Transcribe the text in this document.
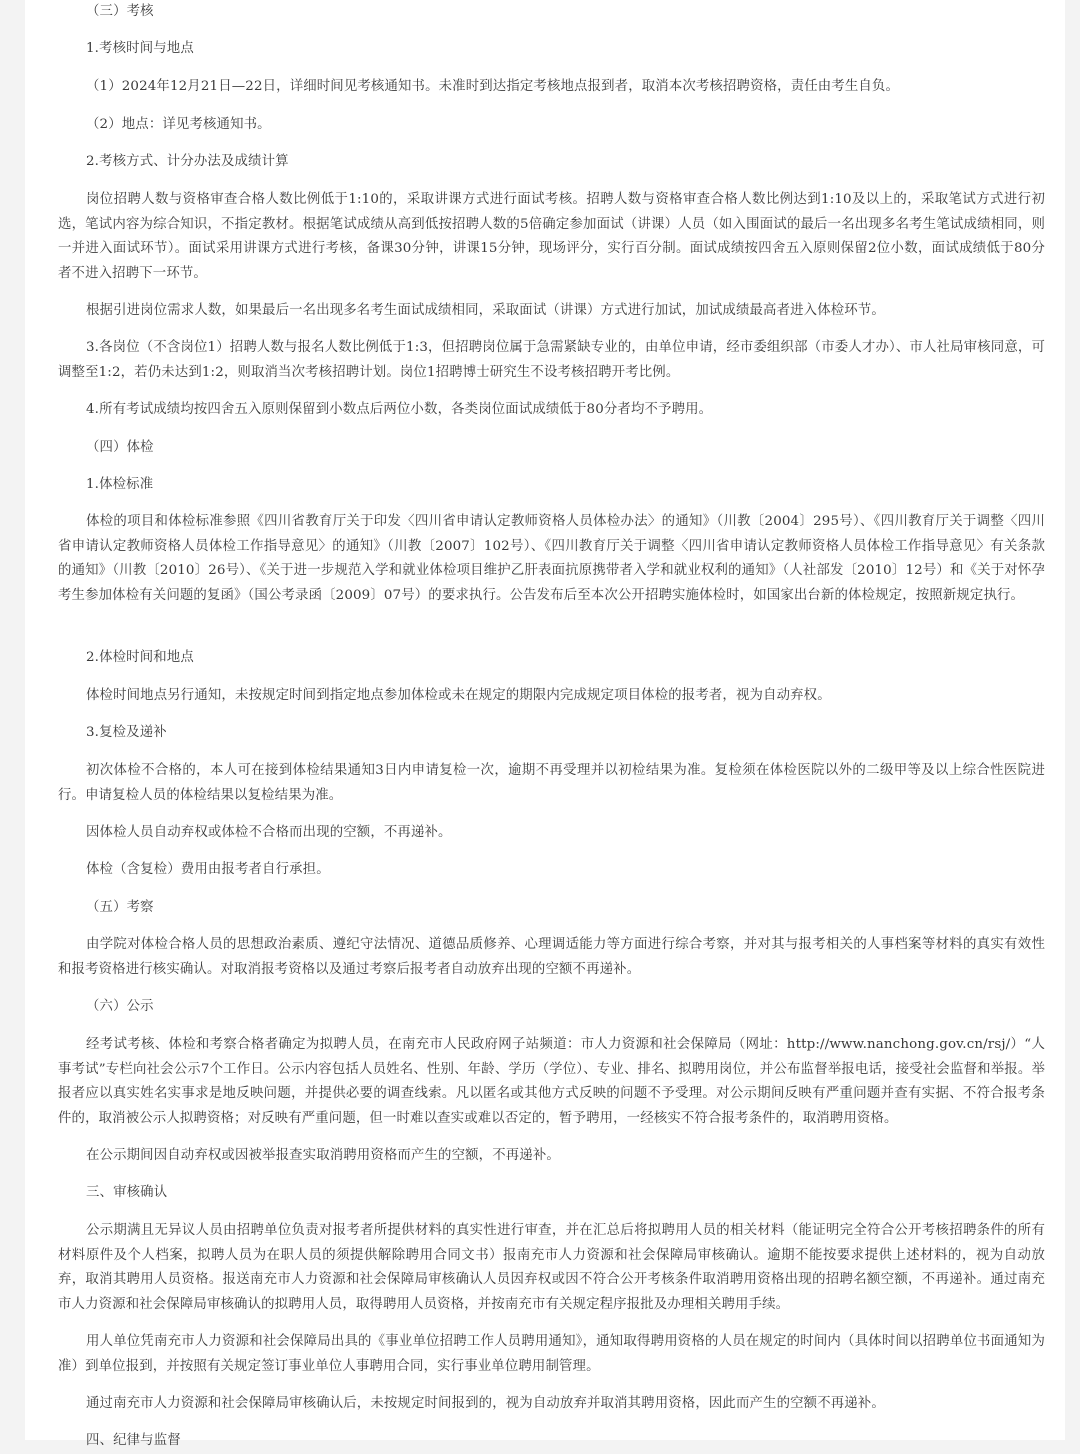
（三）考核

1.考核时间与地点

（1）2024年12月21日—22日，详细时间见考核通知书。未准时到达指定考核地点报到者，取消本次考核招聘资格，责任由考生自负。

（2）地点：详见考核通知书。

2.考核方式、计分办法及成绩计算

岗位招聘人数与资格审查合格人数比例低于1:10的，采取讲课方式进行面试考核。招聘人数与资格审查合格人数比例达到1:10及以上的，采取笔试方式进行初选，笔试内容为综合知识，不指定教材。根据笔试成绩从高到低按招聘人数的5倍确定参加面试（讲课）人员（如入围面试的最后一名出现多名考生笔试成绩相同，则一并进入面试环节）。面试采用讲课方式进行考核，备课30分钟，讲课15分钟，现场评分，实行百分制。面试成绩按四舍五入原则保留2位小数，面试成绩低于80分者不进入招聘下一环节。

根据引进岗位需求人数，如果最后一名出现多名考生面试成绩相同，采取面试（讲课）方式进行加试，加试成绩最高者进入体检环节。

3.各岗位（不含岗位1）招聘人数与报名人数比例低于1:3，但招聘岗位属于急需紧缺专业的，由单位申请，经市委组织部（市委人才办）、市人社局审核同意，可调整至1:2，若仍未达到1:2，则取消当次考核招聘计划。岗位1招聘博士研究生不设考核招聘开考比例。

4.所有考试成绩均按四舍五入原则保留到小数点后两位小数，各类岗位面试成绩低于80分者均不予聘用。

（四）体检

1.体检标准

体检的项目和体检标准参照《四川省教育厅关于印发〈四川省申请认定教师资格人员体检办法〉的通知》（川教〔2004〕295号）、《四川教育厅关于调整〈四川省申请认定教师资格人员体检工作指导意见〉的通知》（川教〔2007〕102号）、《四川教育厅关于调整〈四川省申请认定教师资格人员体检工作指导意见〉有关条款的通知》（川教〔2010〕26号）、《关于进一步规范入学和就业体检项目维护乙肝表面抗原携带者入学和就业权利的通知》（人社部发〔2010〕12号）和《关于对怀孕考生参加体检有关问题的复函》（国公考录函〔2009〕07号）的要求执行。公告发布后至本次公开招聘实施体检时，如国家出台新的体检规定，按照新规定执行。

2.体检时间和地点

体检时间地点另行通知，未按规定时间到指定地点参加体检或未在规定的期限内完成规定项目体检的报考者，视为自动弃权。

3.复检及递补

初次体检不合格的，本人可在接到体检结果通知3日内申请复检一次，逾期不再受理并以初检结果为准。复检须在体检医院以外的二级甲等及以上综合性医院进行。申请复检人员的体检结果以复检结果为准。

因体检人员自动弃权或体检不合格而出现的空额，不再递补。

体检（含复检）费用由报考者自行承担。

（五）考察

由学院对体检合格人员的思想政治素质、遵纪守法情况、道德品质修养、心理调适能力等方面进行综合考察，并对其与报考相关的人事档案等材料的真实有效性和报考资格进行核实确认。对取消报考资格以及通过考察后报考者自动放弃出现的空额不再递补。

（六）公示

经考试考核、体检和考察合格者确定为拟聘人员，在南充市人民政府网子站频道：市人力资源和社会保障局（网址：http://www.nanchong.gov.cn/rsj/）“人事考试”专栏向社会公示7个工作日。公示内容包括人员姓名、性别、年龄、学历（学位）、专业、排名、拟聘用岗位，并公布监督举报电话，接受社会监督和举报。举报者应以真实姓名实事求是地反映问题，并提供必要的调查线索。凡以匿名或其他方式反映的问题不予受理。对公示期间反映有严重问题并查有实据、不符合报考条件的，取消被公示人拟聘资格；对反映有严重问题，但一时难以查实或难以否定的，暂予聘用，一经核实不符合报考条件的，取消聘用资格。

在公示期间因自动弃权或因被举报查实取消聘用资格而产生的空额，不再递补。

三、审核确认

公示期满且无异议人员由招聘单位负责对报考者所提供材料的真实性进行审查，并在汇总后将拟聘用人员的相关材料（能证明完全符合公开考核招聘条件的所有材料原件及个人档案，拟聘人员为在职人员的须提供解除聘用合同文书）报南充市人力资源和社会保障局审核确认。逾期不能按要求提供上述材料的，视为自动放弃，取消其聘用人员资格。报送南充市人力资源和社会保障局审核确认人员因弃权或因不符合公开考核条件取消聘用资格出现的招聘名额空额，不再递补。通过南充市人力资源和社会保障局审核确认的拟聘用人员，取得聘用人员资格，并按南充市有关规定程序报批及办理相关聘用手续。

用人单位凭南充市人力资源和社会保障局出具的《事业单位招聘工作人员聘用通知》，通知取得聘用资格的人员在规定的时间内（具体时间以招聘单位书面通知为准）到单位报到，并按照有关规定签订事业单位人事聘用合同，实行事业单位聘用制管理。

通过南充市人力资源和社会保障局审核确认后，未按规定时间报到的，视为自动放弃并取消其聘用资格，因此而产生的空额不再递补。

四、纪律与监督
